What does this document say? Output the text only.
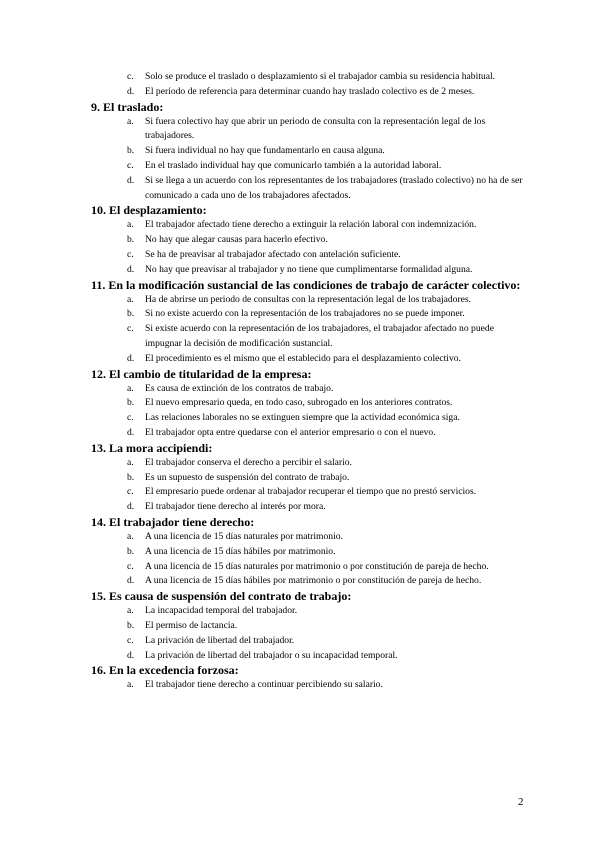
c.	Solo se produce el traslado o desplazamiento si el trabajador cambia su residencia habitual.
d.	El período de referencia para determinar cuando hay traslado colectivo es de 2 meses.
9. El traslado:
a.	Si fuera colectivo hay que abrir un periodo de consulta con la representación legal de los trabajadores.
b.	Si fuera individual no hay que fundamentarlo en causa alguna.
c.	En el traslado individual hay que comunicarlo también a la autoridad laboral.
d.	Si se llega a un acuerdo con los representantes de los trabajadores (traslado colectivo) no ha de ser comunicado a cada uno de los trabajadores afectados.
10. El desplazamiento:
a.	El trabajador afectado tiene derecho a extinguir la relación laboral con indemnización.
b.	No hay que alegar causas para hacerlo efectivo.
c.	Se ha de preavisar al trabajador afectado con antelación suficiente.
d.	No hay que preavisar al trabajador y no tiene que cumplimentarse formalidad alguna.
11. En la modificación sustancial de las condiciones de trabajo de carácter colectivo:
a.	Ha de abrirse un periodo de consultas con la representación legal de los trabajadores.
b.	Si no existe acuerdo con la representación de los trabajadores no se puede imponer.
c.	Si existe acuerdo con la representación de los trabajadores, el trabajador afectado no puede impugnar la decisión de modificación sustancial.
d.	El procedimiento es el mismo que el establecido para el desplazamiento colectivo.
12. El cambio de titularidad de la empresa:
a.	Es causa de extinción de los contratos de trabajo.
b.	El nuevo empresario queda, en todo caso, subrogado en los anteriores contratos.
c.	Las relaciones laborales no se extinguen siempre que la actividad económica siga.
d.	El trabajador opta entre quedarse con el anterior empresario o con el nuevo.
13. La mora accipiendi:
a.	El trabajador conserva el derecho a percibir el salario.
b.	Es un supuesto de suspensión del contrato de trabajo.
c.	El empresario puede ordenar al trabajador recuperar el tiempo que no prestó servicios.
d.	El trabajador tiene derecho al interés por mora.
14. El trabajador tiene derecho:
a.	A una licencia de 15 días naturales por matrimonio.
b.	A una licencia de 15 días hábiles por matrimonio.
c.	A una licencia de 15 días naturales por matrimonio o por constitución de pareja de hecho.
d.	A una licencia de 15 días hábiles por matrimonio o por constitución de pareja de hecho.
15. Es causa de suspensión del contrato de trabajo:
a.	La incapacidad temporal del trabajador.
b.	El permiso de lactancia.
c.	La privación de libertad del trabajador.
d.	La privación de libertad del trabajador o su incapacidad temporal.
16. En la excedencia forzosa:
a.	El trabajador tiene derecho a continuar percibiendo su salario.
2
